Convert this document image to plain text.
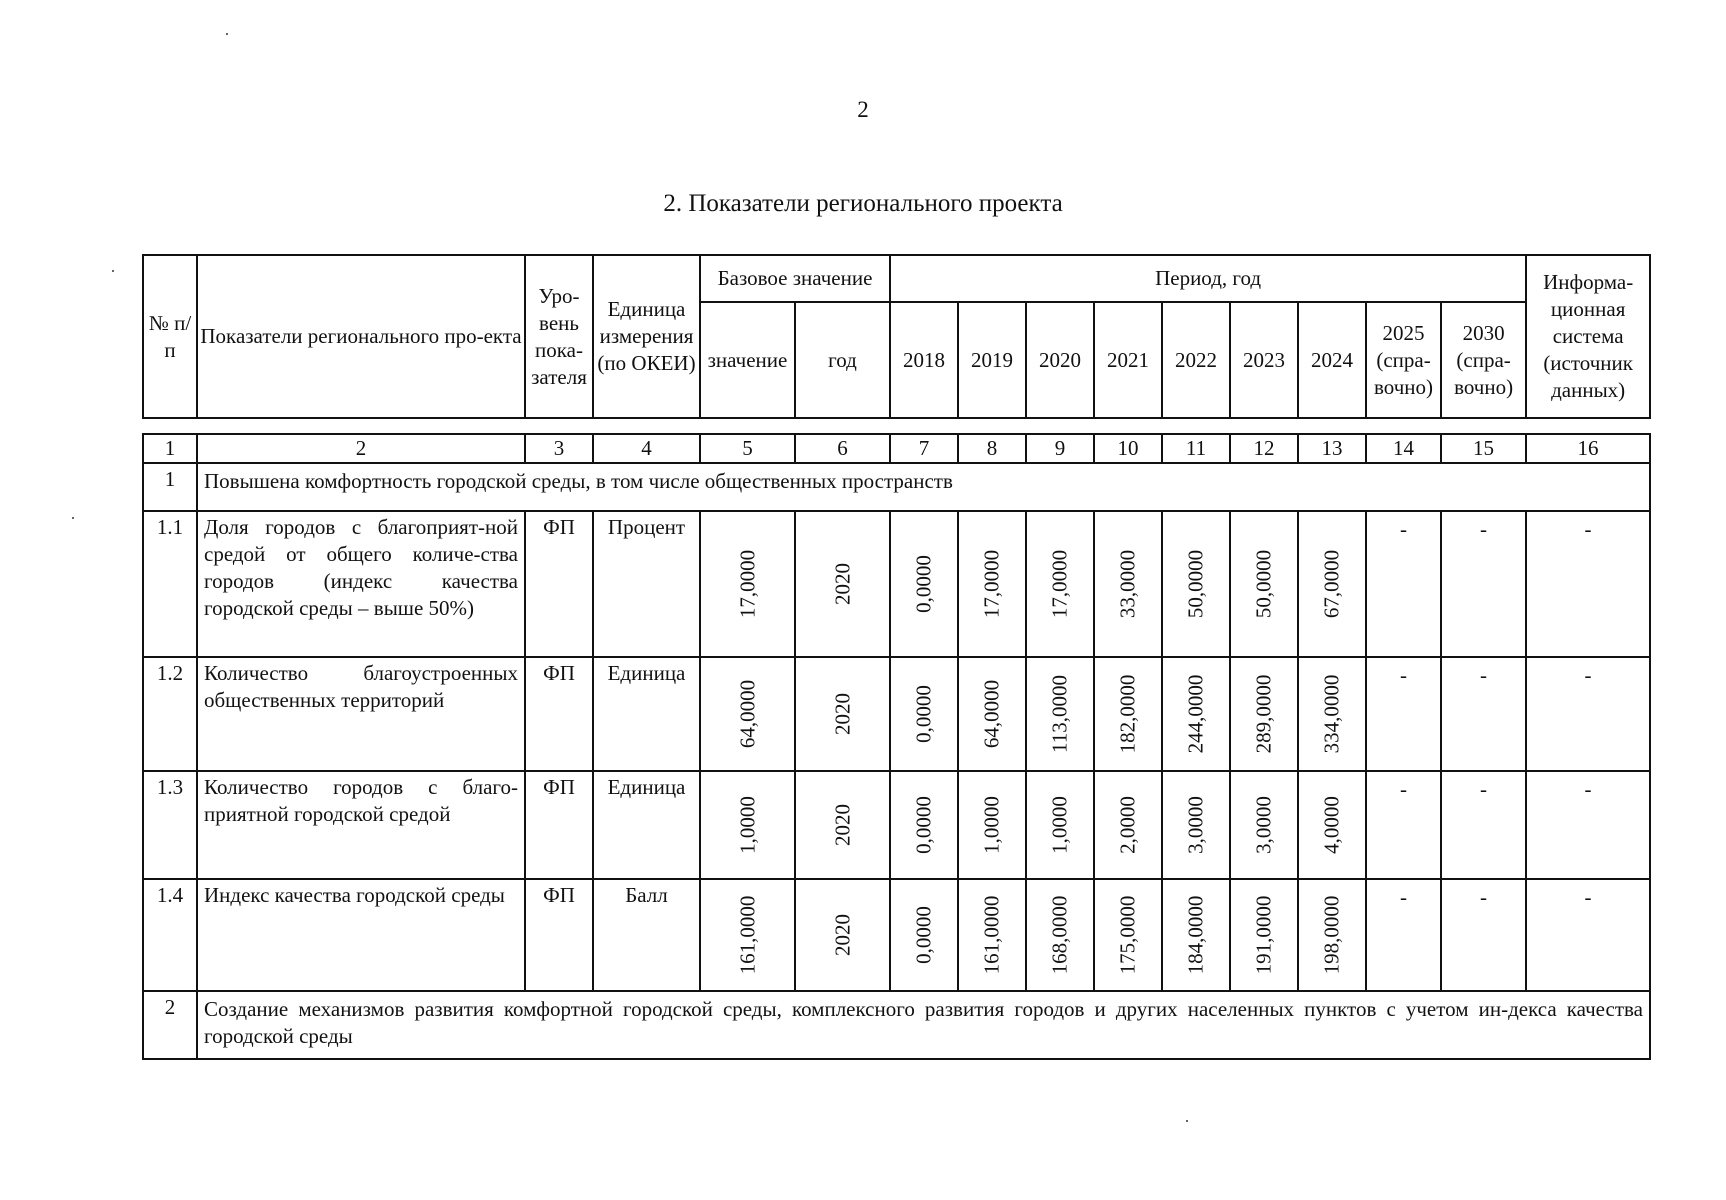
2
2. Показатели регионального проекта
№ п/п	Показатели регионального про-екта	Уро-вень пока-зателя	Единица измерения (по ОКЕИ)	Базовое значение		Период, год									Информа-ционная система (источник данных)
				значение	год	2018	2019	2020	2021	2022	2023	2024	2025 (спра-вочно)	2030 (спра-вочно)	
1	2	3	4	5	6	7	8	9	10	11	12	13	14	15	16
1	Повышена комфортность городской среды, в том числе общественных пространств														
1.1	Доля городов с благоприят-ной средой от общего количе-ства городов (индекс качества городской среды – выше 50%)	ФП	Процент	17,0000	2020	0,0000	17,0000	17,0000	33,0000	50,0000	50,0000	67,0000	-	-	-
1.2	Количество благоустроенных общественных территорий	ФП	Единица	64,0000	2020	0,0000	64,0000	113,0000	182,0000	244,0000	289,0000	334,0000	-	-	-
1.3	Количество городов с благо-приятной городской средой	ФП	Единица	1,0000	2020	0,0000	1,0000	1,0000	2,0000	3,0000	3,0000	4,0000	-	-	-
1.4	Индекс качества городской среды	ФП	Балл	161,0000	2020	0,0000	161,0000	168,0000	175,0000	184,0000	191,0000	198,0000	-	-	-
2	Создание механизмов развития комфортной городской среды, комплексного развития городов и других населенных пунктов с учетом ин-декса качества городской среды														
